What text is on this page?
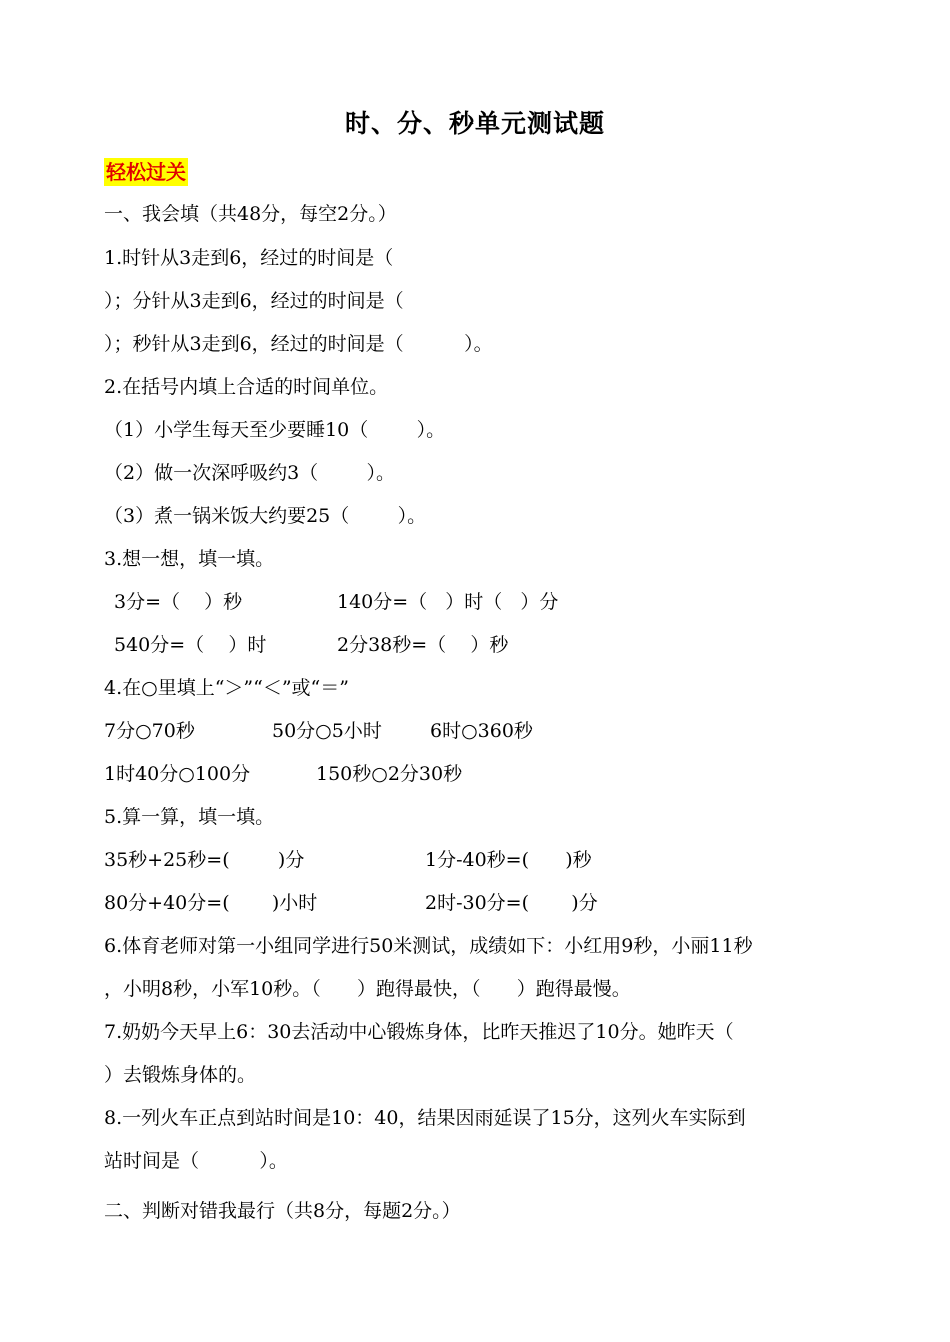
时、分、秒单元测试题
轻松过关
一、我会填（共48分，每空2分。）
1.时针从3走到6，经过的时间是（
）；分针从3走到6，经过的时间是（
）；秒针从3走到6，经过的时间是（          ）。
2.在括号内填上合适的时间单位。
（1）小学生每天至少要睡10（        ）。
（2）做一次深呼吸约3（        ）。
（3）煮一锅米饭大约要25（        ）。
3.想一想，填一填。
3分=（    ）秒	140分=（   ）时（   ）分
540分=（    ）时	2分38秒=（    ）秒
4.在○里填上“＞”“＜”或“＝”
7分○70秒	50分○5小时	6时○360秒
1时40分○100分	150秒○2分30秒
5.算一算，填一填。
35秒+25秒=(        )分	1分-40秒=(      )秒
80分+40分=(       )小时	2时-30分=(       )分
6.体育老师对第一小组同学进行50米测试，成绩如下：小红用9秒，小丽11秒
，小明8秒，小军10秒。（      ）跑得最快，（      ）跑得最慢。
7.奶奶今天早上6：30去活动中心锻炼身体，比昨天推迟了10分。她昨天（
）去锻炼身体的。
8.一列火车正点到站时间是10：40，结果因雨延误了15分，这列火车实际到
站时间是（          ）。
二、判断对错我最行（共8分，每题2分。）
